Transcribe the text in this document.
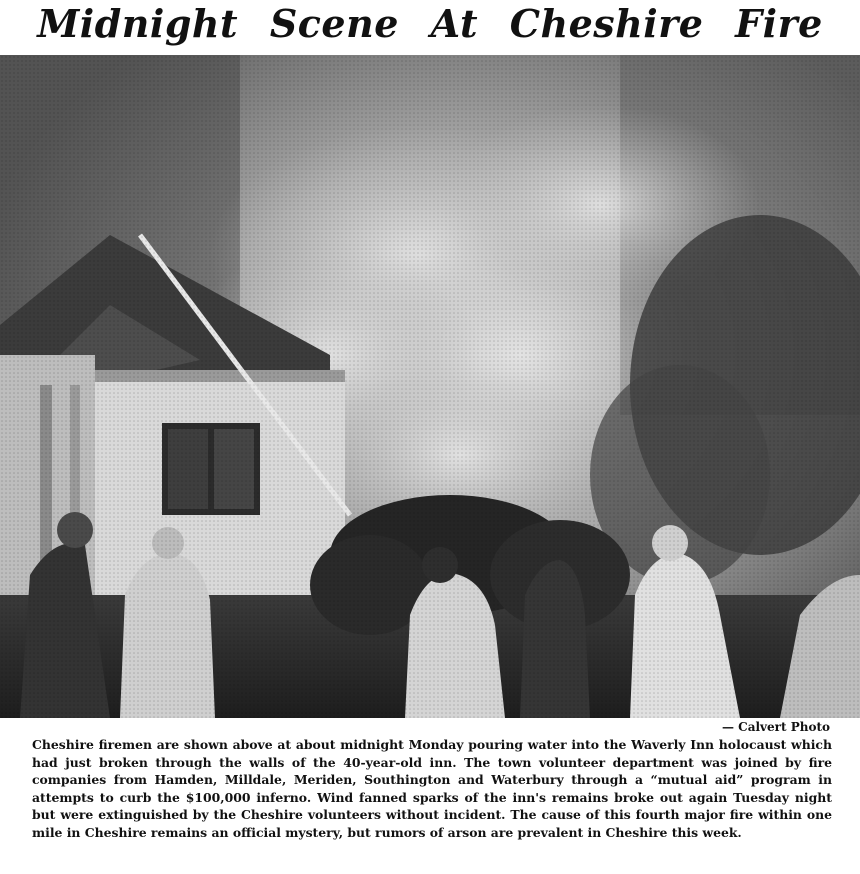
Midnight Scene At Cheshire Fire
— Calvert Photo

Cheshire firemen are shown above at about midnight Monday pouring water into the Waverly Inn holocaust which had just broken through the walls of the 40-year-old inn. The town volunteer department was joined by fire companies from Hamden, Milldale, Meriden, Southington and Waterbury through a “mutual aid” program in attempts to curb the $100,000 inferno. Wind fanned sparks of the inn's remains broke out again Tuesday night but were extinguished by the Cheshire volunteers without incident. The cause of this fourth major fire within one mile in Cheshire remains an official mystery, but rumors of arson are prevalent in Cheshire this week.
